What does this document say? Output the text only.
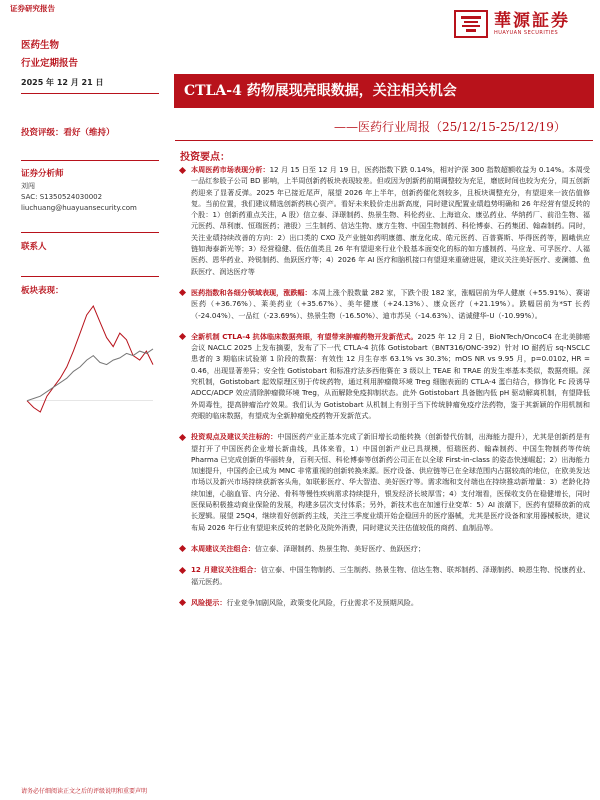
证券研究报告
華源証券
HUAYUAN SECURITIES
医药生物
行业定期报告
2025 年 12 月 21 日
CTLA-4 药物展现亮眼数据，关注相关机会
——医药行业周报（25/12/15-25/12/19）
投资评级：看好（维持）
证券分析师
刘闯
SAC: S1350524030002
liuchuang@huayuansecurity.com
联系人
板块表现：
投资要点：
本周医药市场表现分析：12 月 15 日至 12 月 19 日，医药指数下跌 0.14%，相对沪深 300 指数超额收益为 0.14%。本周受一品红参股子公司 BD 影响，上半周创新药板块表现较差。但或因为创新药前期调整较为充足，磨底时间也较为充分，周五创新药迎来了显著反弹。2025 年已接近尾声，展望 2026 年上半年，创新药催化剂较多，且板块调整充分，有望迎来一波估值修复。当前位置，我们建议精选创新药核心资产。看好未来股价走出新高度，同时建议配置业绩趋势明确和 26 年经营有望反转的个股：1）创新药重点关注，A 股）信立泰、泽璟制药、热景生物、科伦药业、上海谊众、康弘药业、华纳药厂、前沿生物、福元医药、昂利康、恒瑞医药；港股）三生制药、信达生物、康方生物、中国生物制药、科伦博泰、石药集团、翰森制药。同时，关注业绩持续改善的方向：2）出口类的 CXO 及产业链如药明康德、康龙化成、皓元医药、百普赛斯、毕得医药等，圆峨供应链如海泰新光等；3）经营稳健、低估值类且 26 年有望迎来行业个股基本面变化的标的如方盛制药、马应龙、可孚医疗、人福医药、恩华药业、羚锐制药、鱼跃医疗等；4）2026 年 AI 医疗和脑机接口有望迎来重磅进展，建议关注美好医疗、麦澜德、鱼跃医疗、润达医疗等
医药指数和各细分领域表现，涨跌幅：本周上涨个股数量 282 家，下跌个股 182 家，涨幅居前为华人健康（+55.91%）、赛诺医药（+36.76%）、莱美药业（+35.67%）、美年健康（+24.13%）、康众医疗（+21.19%）。跌幅居前为*ST 长药（-24.04%）、一品红（-23.69%）、热景生物（-16.50%）、迪市苏吴（-14.63%）、诺诚健华-U（-10.99%）。
全新机制 CTLA-4 抗体临床数据亮眼，有望带来肿瘤药物开发新范式。2025 年 12 月 2 日，BioNTech/OncoC4 在北美肺癌会议 NACLC 2025 上发布摘要，发布了下一代 CTLA-4 抗体 Gotistobart（BNT316/ONC-392）针对 IO 耐药后 sq-NSCLC 患者的 3 期临床试验第 1 阶段的数据：有效性 12 月生存率 63.1% vs 30.3%；mOS NR vs 9.95 月，p=0.0102, HR = 0.46，出现显著差异；安全性 Gotistobart 和标准疗法多西他赛在 3 级以上 TEAE 和 TRAE 的发生率基本类似，数据亮眼。深究机制，Gotistobart 起效原理区别于传统药物，通过利用肿瘤微环境 Treg 细胞表面的 CTLA-4 蛋白结合，修饰化 Fc 段诱导 ADCC/ADCP 效应清除肿瘤微环境 Treg，从而解除免疫抑制状态。此外 Gotistobart 具备胞内低 pH 驱动解离机制，有望降低外周毒性，提高肿瘤治疗效果。我们认为 Gotistobart 从机制上有别于当下传统肿瘤免疫疗法药物，鉴于其新颖的作用机制和亮眼的临床数据，有望成为全新肿瘤免疫药物开发新范式。
投资观点及建议关注标的：中国医药产业正基本完成了新旧增长动能转换（创新替代仿制，出海能力提升），尤其是创新药是有望打开了中国医药企业增长新曲线，具体来看，1）中国创新产业已具规模，恒瑞医药、翰森制药、中国生物制药等传统 Pharma 已完成创新的华丽转身，百利天恒、科伦博泰等创新药公司正在以全球 First-in-class 的姿态快速崛起；2）出海能力加速提升，中国药企已成为 MNC 非常重视的创新转换来源。医疗设备、供应链等已在全球范围内占据较高的地位，在欧美发达市场以及新兴市场持续获新客头角，如联影医疗、华大智造、美好医疗等。需求端和支付端也在持续推动新增量：3）老龄化持续加速，心脑血管、内分泌、骨科等慢性疾病需求持续提升，银发经济长坡厚雪；4）支付端看，医保收支仍在稳健增长，同时医保局积极推动商业保险的发展，构建多层次支付体系；另外，新技术也在加速行业变革：5）AI 浪潮下，医药有望释放新的成长逻辑。展望 25Q4，继续看好创新药主线，关注三季度业绩开始企稳回升的医疗器械，尤其是医疗设备和家用器械板块，建议布局 2026 年行业有望迎来反转的老龄化及院外消费，同时建议关注估值较低的商药、血制品等。
本周建议关注组合：信立泰、泽璟制药、热景生物、美好医疗、鱼跃医疗；
12 月建议关注组合：信立泰、中国生物制药、三生制药、热景生物、信达生物、联邦制药、泽璟制药、映恩生物、悦康药业、福元医药。
风险提示：行业竞争加剧风险，政策变化风险，行业需求不及预期风险。
请务必仔细阅读正文之后的评级说明和重要声明
